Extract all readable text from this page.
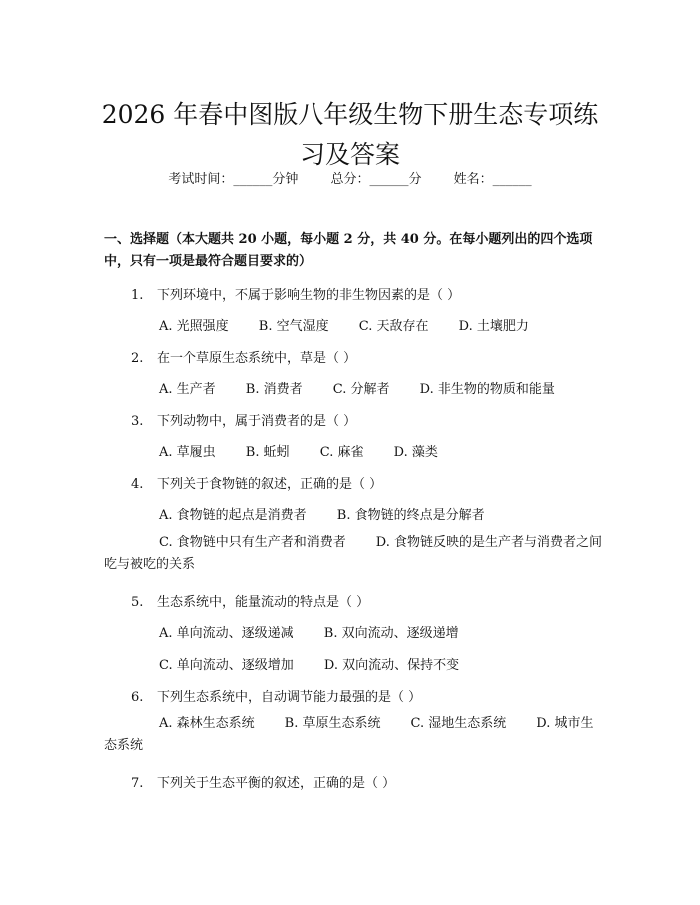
2026 年春中图版八年级生物下册生态专项练
习及答案
考试时间：______分钟 总分：______分 姓名：______
一、选择题（本大题共 20 小题，每小题 2 分，共 40 分。在每小题列出的四个选项中，只有一项是最符合题目要求的）
1. 下列环境中，不属于影响生物的非生物因素的是（ ）
A. 光照强度 B. 空气湿度 C. 天敌存在 D. 土壤肥力
2. 在一个草原生态系统中，草是（ ）
A. 生产者 B. 消费者 C. 分解者 D. 非生物的物质和能量
3. 下列动物中，属于消费者的是（ ）
A. 草履虫 B. 蚯蚓 C. 麻雀 D. 藻类
4. 下列关于食物链的叙述，正确的是（ ）
A. 食物链的起点是消费者 B. 食物链的终点是分解者
C. 食物链中只有生产者和消费者 D. 食物链反映的是生产者与消费者之间吃与被吃的关系
5. 生态系统中，能量流动的特点是（ ）
A. 单向流动、逐级递减 B. 双向流动、逐级递增
C. 单向流动、逐级增加 D. 双向流动、保持不变
6. 下列生态系统中，自动调节能力最强的是（ ）
A. 森林生态系统 B. 草原生态系统 C. 湿地生态系统 D. 城市生态系统
7. 下列关于生态平衡的叙述，正确的是（ ）
